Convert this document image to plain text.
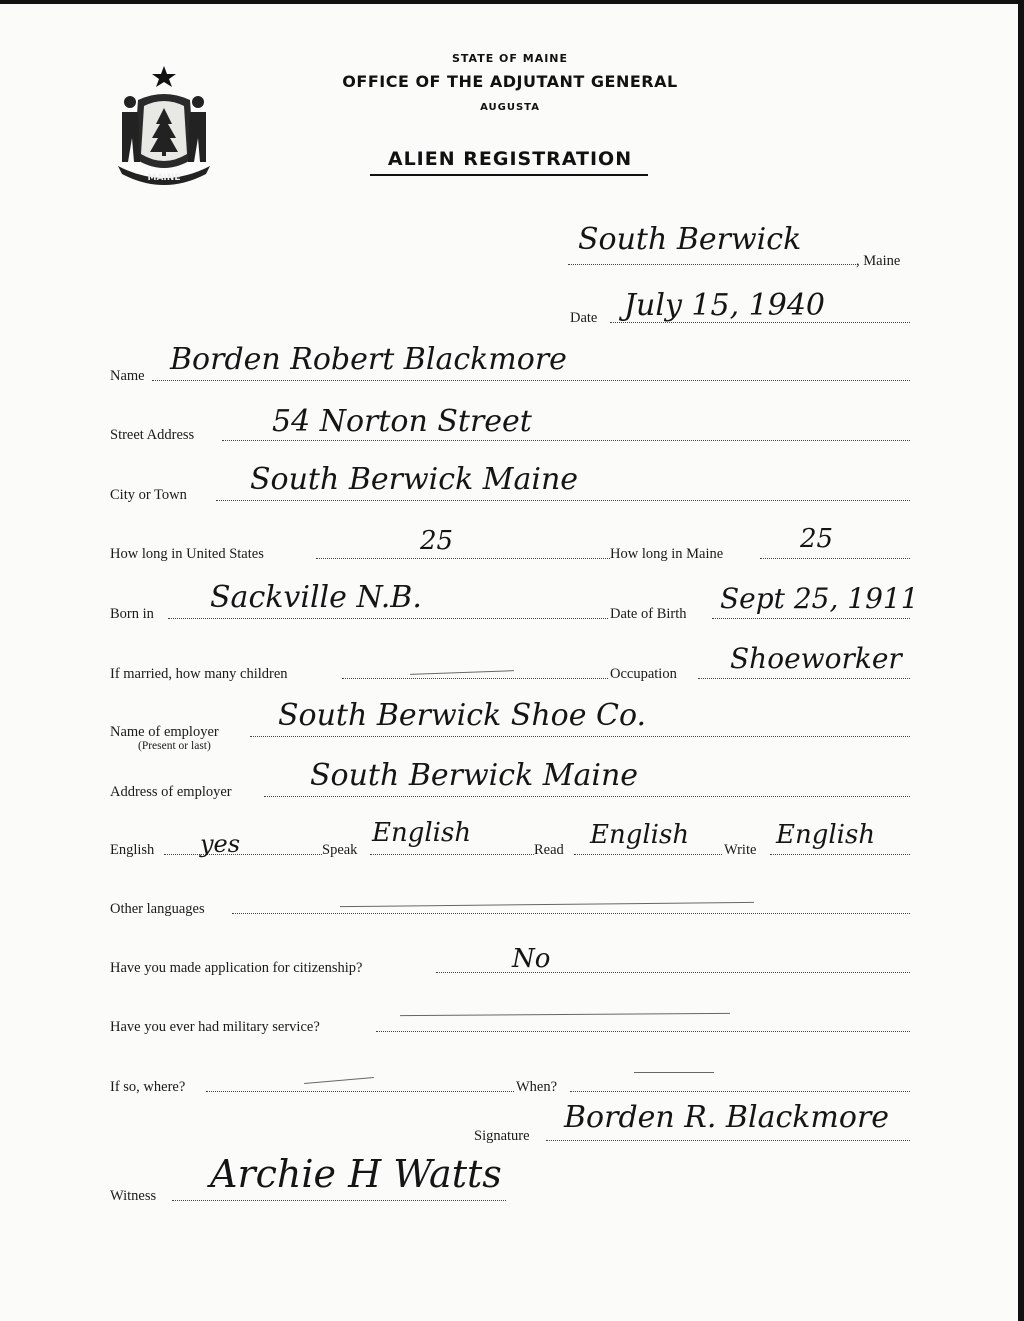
MAINE
STATE OF MAINE
OFFICE OF THE ADJUTANT GENERAL
AUGUSTA
ALIEN REGISTRATION
South Berwick
, Maine
Date July 15, 1940
Name Borden Robert Blackmore
Street Address	54 Norton Street
City or Town South Berwick Maine
How long in United States	25	How long in Maine	25
Born in Sackville N.B.	Date of Birth Sept 25, 1911
If married, how many children	Occupation Shoeworker
Name of employer
(Present or last)
South Berwick Shoe Co.
Address of employer	South Berwick Maine
English yes	Speak
English
Read English Write English
Other languages
Have you made application for citizenship?	No
Have you ever had military service?
If so, where?	When?
Signature
Borden R. Blackmore
Witness Archie H Watts
